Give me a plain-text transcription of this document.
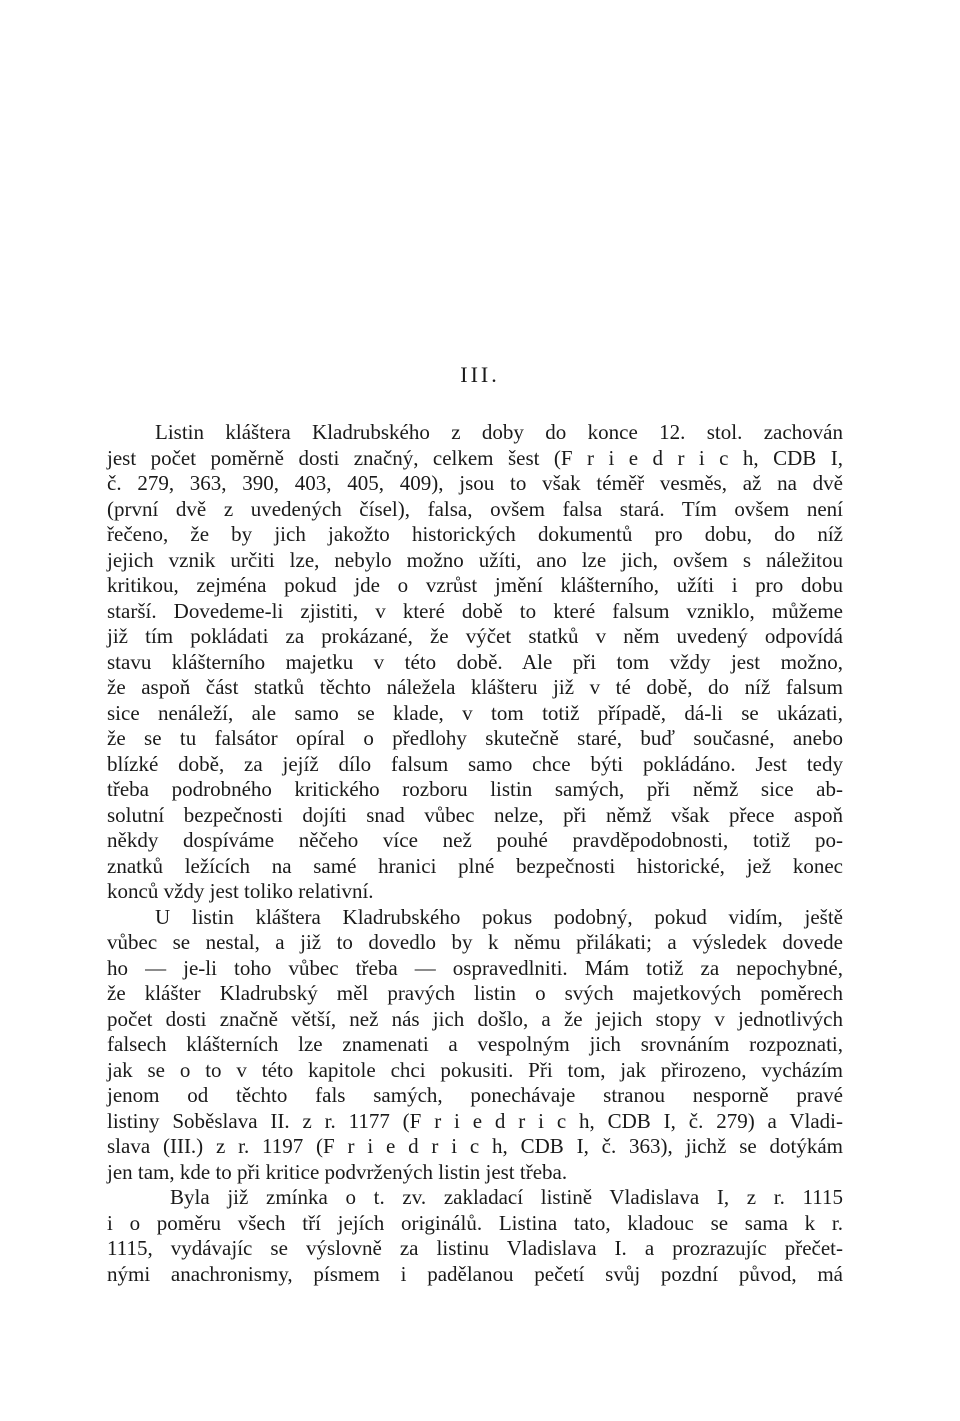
III.
Listin kláštera Kladrubského z doby do konce 12. stol. zachován
jest počet poměrně dosti značný, celkem šest (F r i e d r i c h, CDB I,
č. 279, 363, 390, 403, 405, 409), jsou to však téměř vesměs, až na dvě
(první dvě z uvedených čísel), falsa, ovšem falsa stará. Tím ovšem není
řečeno, že by jich jakožto historických dokumentů pro dobu, do níž
jejich vznik určiti lze, nebylo možno užíti, ano lze jich, ovšem s náležitou
kritikou, zejména pokud jde o vzrůst jmění klášterního, užíti i pro dobu
starší. Dovedeme-li zjistiti, v které době to které falsum vzniklo, můžeme
již tím pokládati za prokázané, že výčet statků v něm uvedený odpovídá
stavu klášterního majetku v této době. Ale při tom vždy jest možno,
že aspoň část statků těchto náležela klášteru již v té době, do níž falsum
sice nenáleží, ale samo se klade, v tom totiž případě, dá-li se ukázati,
že se tu falsátor opíral o předlohy skutečně staré, buď současné, anebo
blízké době, za jejíž dílo falsum samo chce býti pokládáno. Jest tedy
třeba podrobného kritického rozboru listin samých, při němž sice ab-
solutní bezpečnosti dojíti snad vůbec nelze, při němž však přece aspoň
někdy dospíváme něčeho více než pouhé pravděpodobnosti, totiž po-
znatků ležících na samé hranici plné bezpečnosti historické, jež konec
konců vždy jest toliko relativní.
U listin kláštera Kladrubského pokus podobný, pokud vidím, ještě
vůbec se nestal, a již to dovedlo by k němu přilákati; a výsledek dovede
ho — je-li toho vůbec třeba — ospravedlniti. Mám totiž za nepochybné,
že klášter Kladrubský měl pravých listin o svých majetkových poměrech
počet dosti značně větší, než nás jich došlo, a že jejich stopy v jednotlivých
falsech klášterních lze znamenati a vespolným jich srovnáním rozpoznati,
jak se o to v této kapitole chci pokusiti. Při tom, jak přirozeno, vycházím
jenom od těchto fals samých, ponechávaje stranou nesporně pravé
listiny Soběslava II. z r. 1177 (F r i e d r i c h, CDB I, č. 279) a Vladi-
slava (III.) z r. 1197 (F r i e d r i c h, CDB I, č. 363), jichž se dotýkám
jen tam, kde to při kritice podvržených listin jest třeba.
Byla již zmínka o t. zv. zakladací listině Vladislava I, z r. 1115
i o poměru všech tří jejích originálů. Listina tato, kladouc se sama k r.
1115, vydávajíc se výslovně za listinu Vladislava I. a prozrazujíc přečet-
nými anachronismy, písmem i padělanou pečetí svůj pozdní původ, má
